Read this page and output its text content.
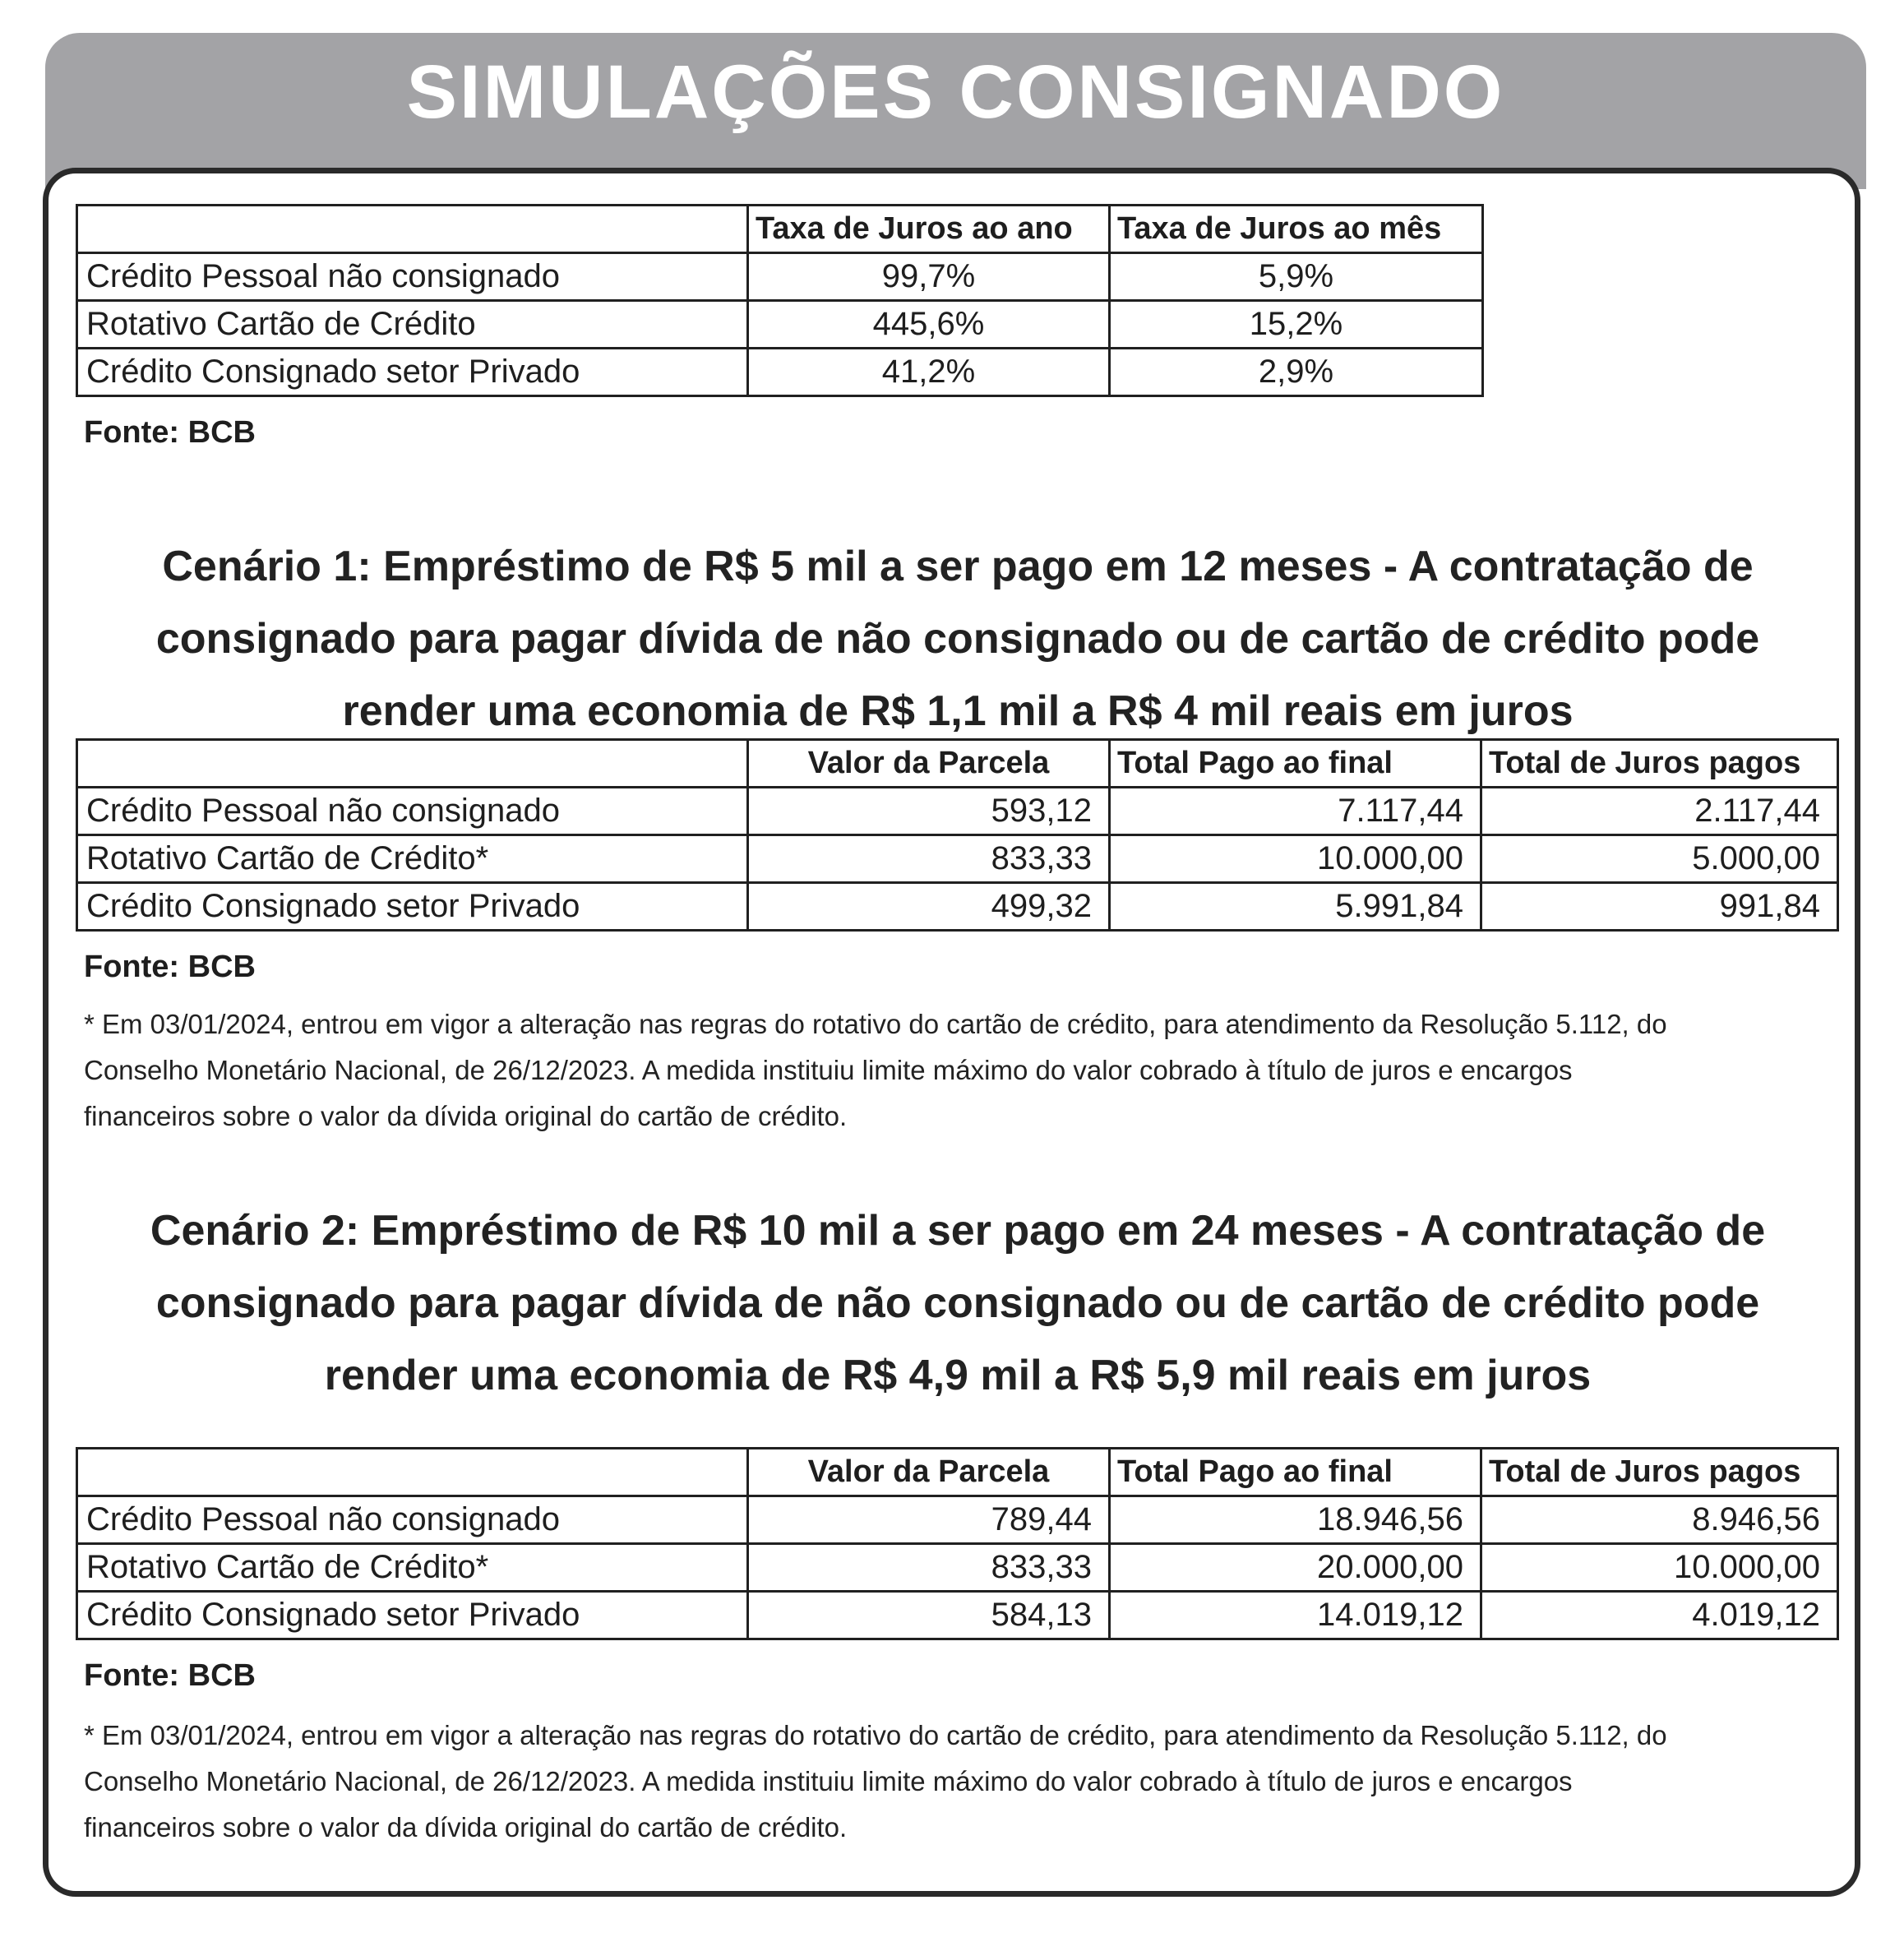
SIMULAÇÕES CONSIGNADO
	Taxa de Juros ao ano	Taxa de Juros ao mês
Crédito Pessoal não consignado	99,7%	5,9%
Rotativo Cartão de Crédito	445,6%	15,2%
Crédito Consignado setor Privado	41,2%	2,9%
Fonte: BCB
Cenário 1: Empréstimo de R$ 5 mil a ser pago em 12 meses - A contratação de
consignado para pagar dívida de não consignado ou de cartão de crédito pode
render uma economia de R$ 1,1 mil a R$ 4 mil reais em juros
	Valor da Parcela	Total Pago ao final	Total de Juros pagos
Crédito Pessoal não consignado	593,12	7.117,44	2.117,44
Rotativo Cartão de Crédito*	833,33	10.000,00	5.000,00
Crédito Consignado setor Privado	499,32	5.991,84	991,84
Fonte: BCB
* Em 03/01/2024, entrou em vigor a alteração nas regras do rotativo do cartão de crédito, para atendimento da Resolução 5.112, do
Conselho Monetário Nacional, de 26/12/2023. A medida instituiu limite máximo do valor cobrado à título de juros e encargos
financeiros sobre o valor da dívida original do cartão de crédito.
Cenário 2: Empréstimo de R$ 10 mil a ser pago em 24 meses - A contratação de
consignado para pagar dívida de não consignado ou de cartão de crédito pode
render uma economia de R$ 4,9 mil a R$ 5,9 mil reais em juros
	Valor da Parcela	Total Pago ao final	Total de Juros pagos
Crédito Pessoal não consignado	789,44	18.946,56	8.946,56
Rotativo Cartão de Crédito*	833,33	20.000,00	10.000,00
Crédito Consignado setor Privado	584,13	14.019,12	4.019,12
Fonte: BCB
* Em 03/01/2024, entrou em vigor a alteração nas regras do rotativo do cartão de crédito, para atendimento da Resolução 5.112, do
Conselho Monetário Nacional, de 26/12/2023. A medida instituiu limite máximo do valor cobrado à título de juros e encargos
financeiros sobre o valor da dívida original do cartão de crédito.
